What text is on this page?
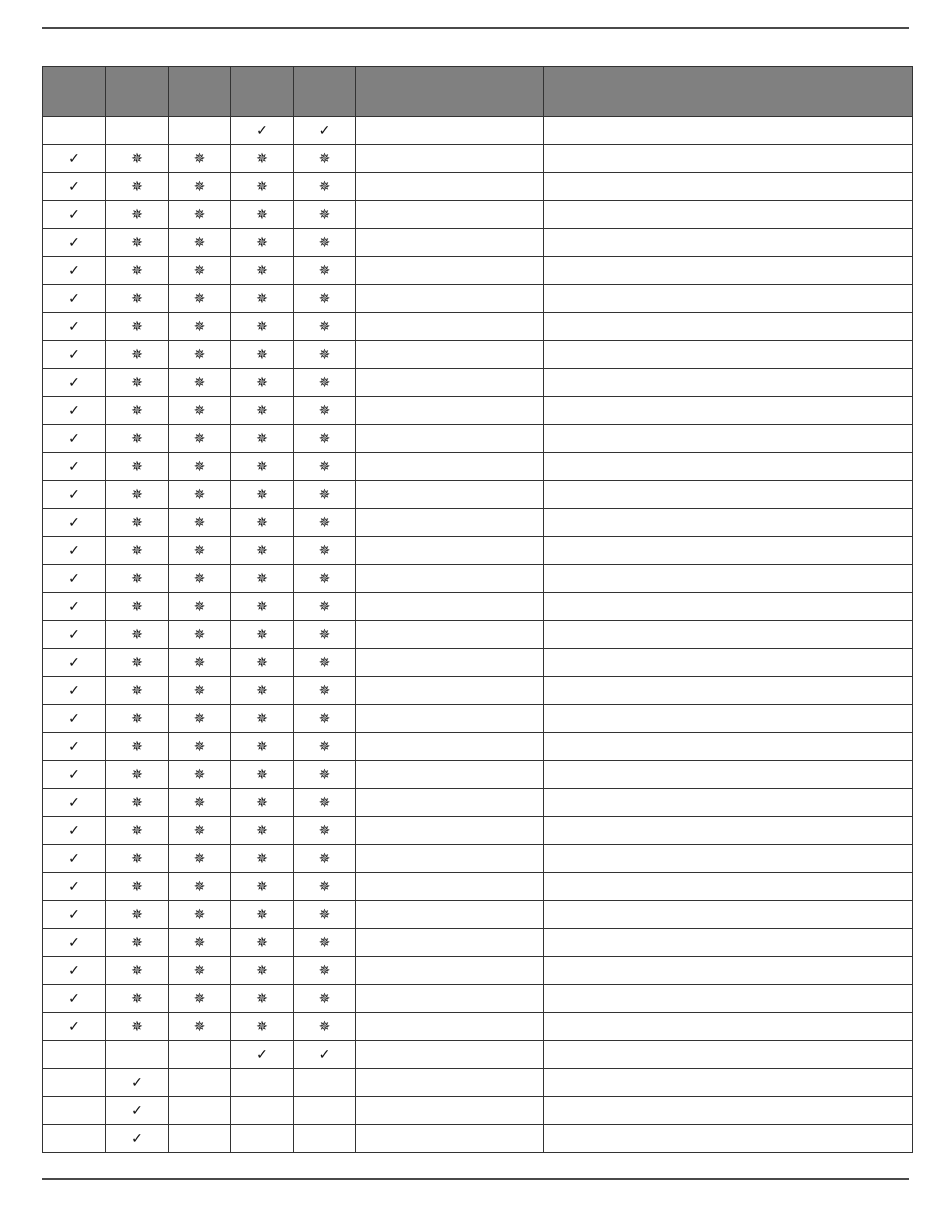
			✓	✓		
✓	✵	✵	✵	✵		
✓	✵	✵	✵	✵		
✓	✵	✵	✵	✵		
✓	✵	✵	✵	✵		
✓	✵	✵	✵	✵		
✓	✵	✵	✵	✵		
✓	✵	✵	✵	✵		
✓	✵	✵	✵	✵		
✓	✵	✵	✵	✵		
✓	✵	✵	✵	✵		
✓	✵	✵	✵	✵		
✓	✵	✵	✵	✵		
✓	✵	✵	✵	✵		
✓	✵	✵	✵	✵		
✓	✵	✵	✵	✵		
✓	✵	✵	✵	✵		
✓	✵	✵	✵	✵		
✓	✵	✵	✵	✵		
✓	✵	✵	✵	✵		
✓	✵	✵	✵	✵		
✓	✵	✵	✵	✵		
✓	✵	✵	✵	✵		
✓	✵	✵	✵	✵		
✓	✵	✵	✵	✵		
✓	✵	✵	✵	✵		
✓	✵	✵	✵	✵		
✓	✵	✵	✵	✵		
✓	✵	✵	✵	✵		
✓	✵	✵	✵	✵		
✓	✵	✵	✵	✵		
✓	✵	✵	✵	✵		
✓	✵	✵	✵	✵		
			✓	✓		
	✓					
	✓					
	✓					
